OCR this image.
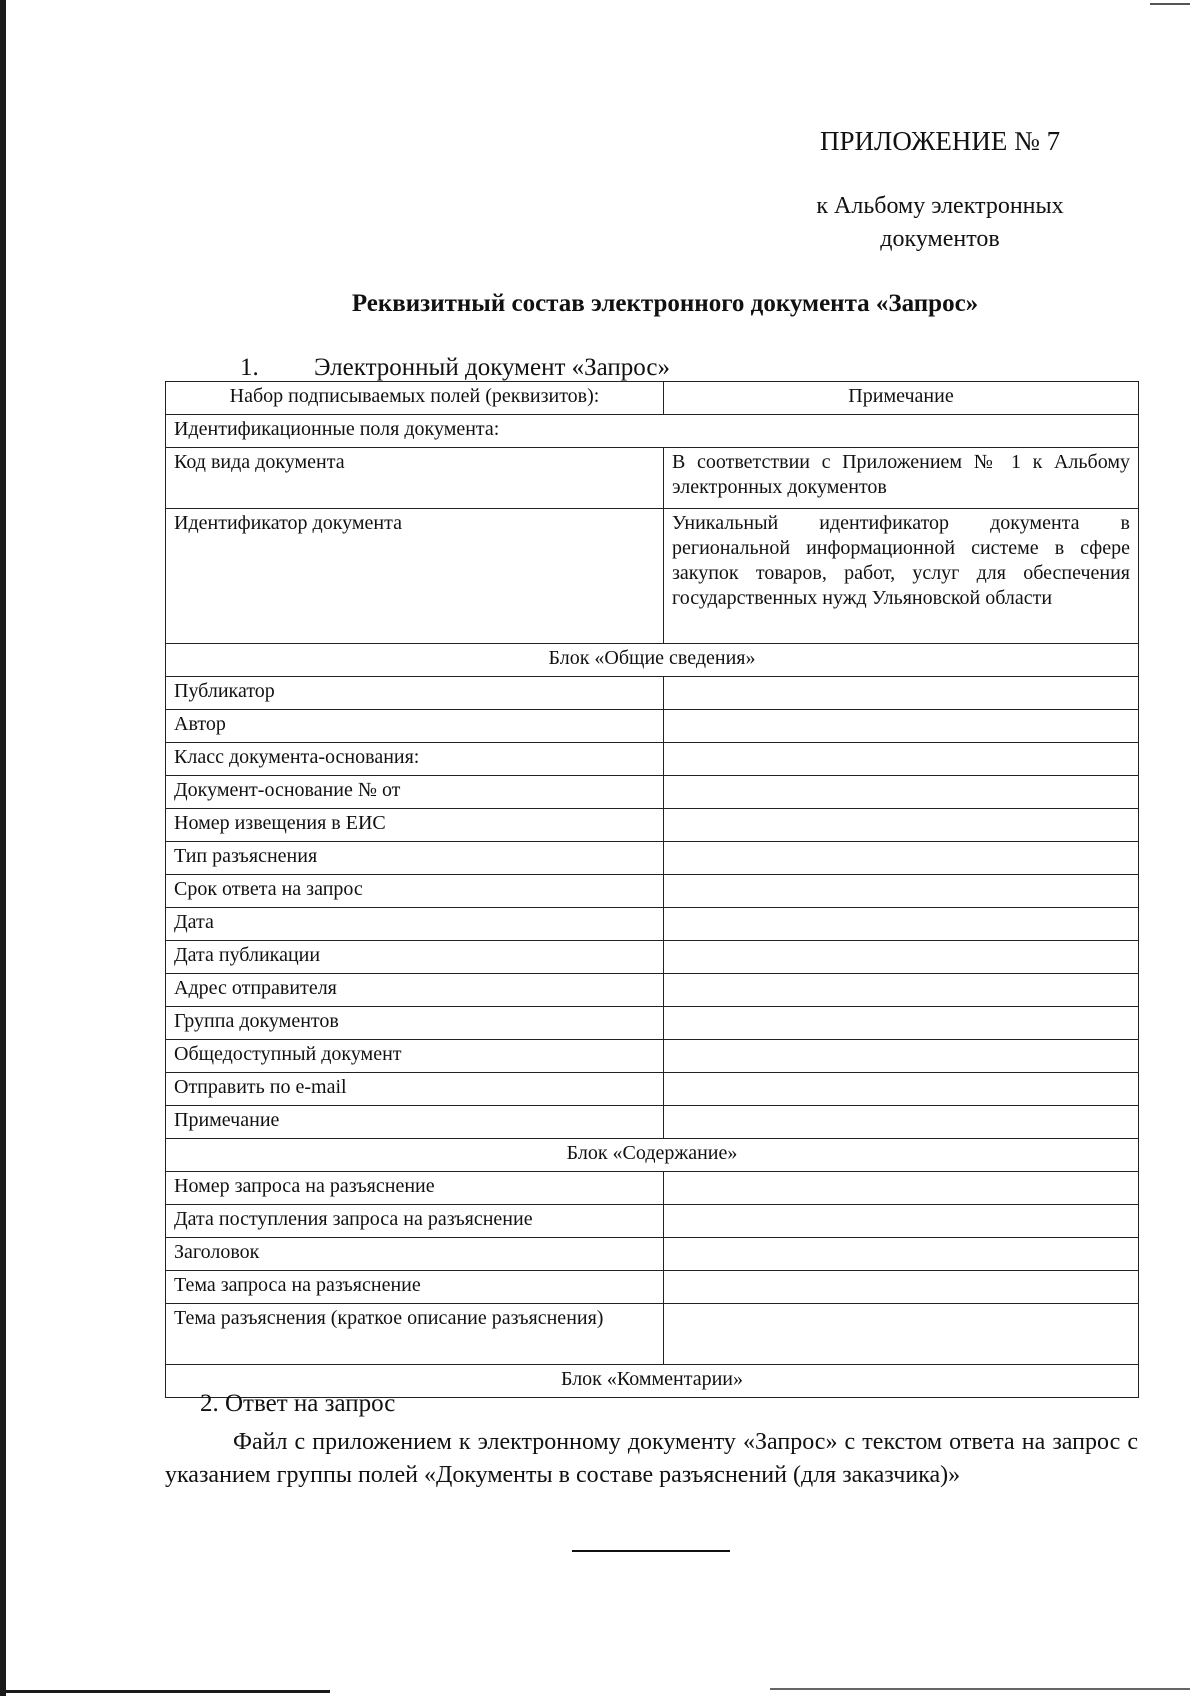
ПРИЛОЖЕНИЕ № 7
к Альбому электронных
документов
Реквизитный состав электронного документа «Запрос»
1. Электронный документ «Запрос»
Набор подписываемых полей (реквизитов):	Примечание
Идентификационные поля документа:	
Код вида документа	В соответствии с Приложением № 1 к Альбому электронных документов
Идентификатор документа	Уникальный идентификатор документа в региональной информационной системе в сфере закупок товаров, работ, услуг для обеспечения государственных нужд Ульяновской области
Блок «Общие сведения»	
Публикатор	
Автор	
Класс документа-основания:	
Документ-основание № от	
Номер извещения в ЕИС	
Тип разъяснения	
Срок ответа на запрос	
Дата	
Дата публикации	
Адрес отправителя	
Группа документов	
Общедоступный документ	
Отправить по e-mail	
Примечание	
Блок «Содержание»	
Номер запроса на разъяснение	
Дата поступления запроса на разъяснение	
Заголовок	
Тема запроса на разъяснение	
Тема разъяснения (краткое описание разъяснения)	
Блок «Комментарии»	
2. Ответ на запрос
Файл с приложением к электронному документу «Запрос» с текстом ответа на запрос с указанием группы полей «Документы в составе разъяснений (для заказчика)»
